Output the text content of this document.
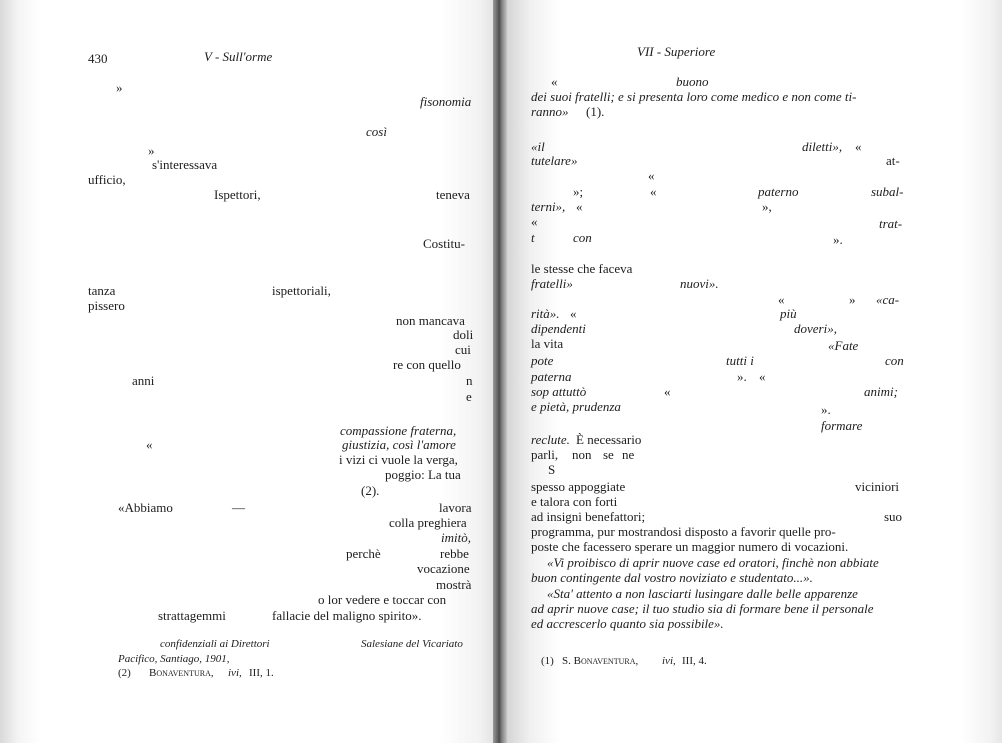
430	V - Sull'orme
»
fisonomia
così
»
s'interessava
ufficio,
Ispettori,	teneva
Costitu-
tanza	ispettoriali,
pissero
non mancava
doli
cui
re con quello
anni	n
e
compassione fraterna,
giustizia, così l'amore
«
i vizi ci vuole la verga,
poggio: La tua
(2).
«Abbiamo	—	lavora
colla preghiera
imitò,
perchè	rebbe
vocazione
mostrà
o lor vedere e toccar con
strattagemmi	fallacie del maligno spirito».
confidenziali ai Direttori	Salesiane del Vicariato
Pacifico, Santiago, 1901,
(2) Bonaventura, ivi, III, 1.
VII - Superiore
«	buono
dei suoi fratelli; e si presenta loro come medico e non come ti-
ranno» (1).
«il	diletti», «
tutelare»	at-
«
»;	«	paterno	subal-
terni», «	»,
«	trat-
t	con	».
le stesse che faceva
fratelli»	nuovi».
«	» «ca-
rità». «	più
dipendenti	doveri»,
la vita	«Fate
pote	tutti i	con
paterna	». «
sop attuttò	«	animi;
e pietà, prudenza	».
formare
reclute. È necessario
parli, non se ne
S
spesso appoggiate	viciniori
e talora con forti
ad insigni benefattori;	suo
programma, pur mostrandosi disposto a favorir quelle pro-
poste che facessero sperare un maggior numero di vocazioni.
«Vi proibisco di aprir nuove case ed oratori, finchè non abbiate
buon contingente dal vostro noviziato e studentato...».
«Sta' attento a non lasciarti lusingare dalle belle apparenze
ad aprir nuove case; il tuo studio sia di formare bene il personale
ed accrescerlo quanto sia possibile».
(1) S. Bonaventura, ivi, III, 4.
